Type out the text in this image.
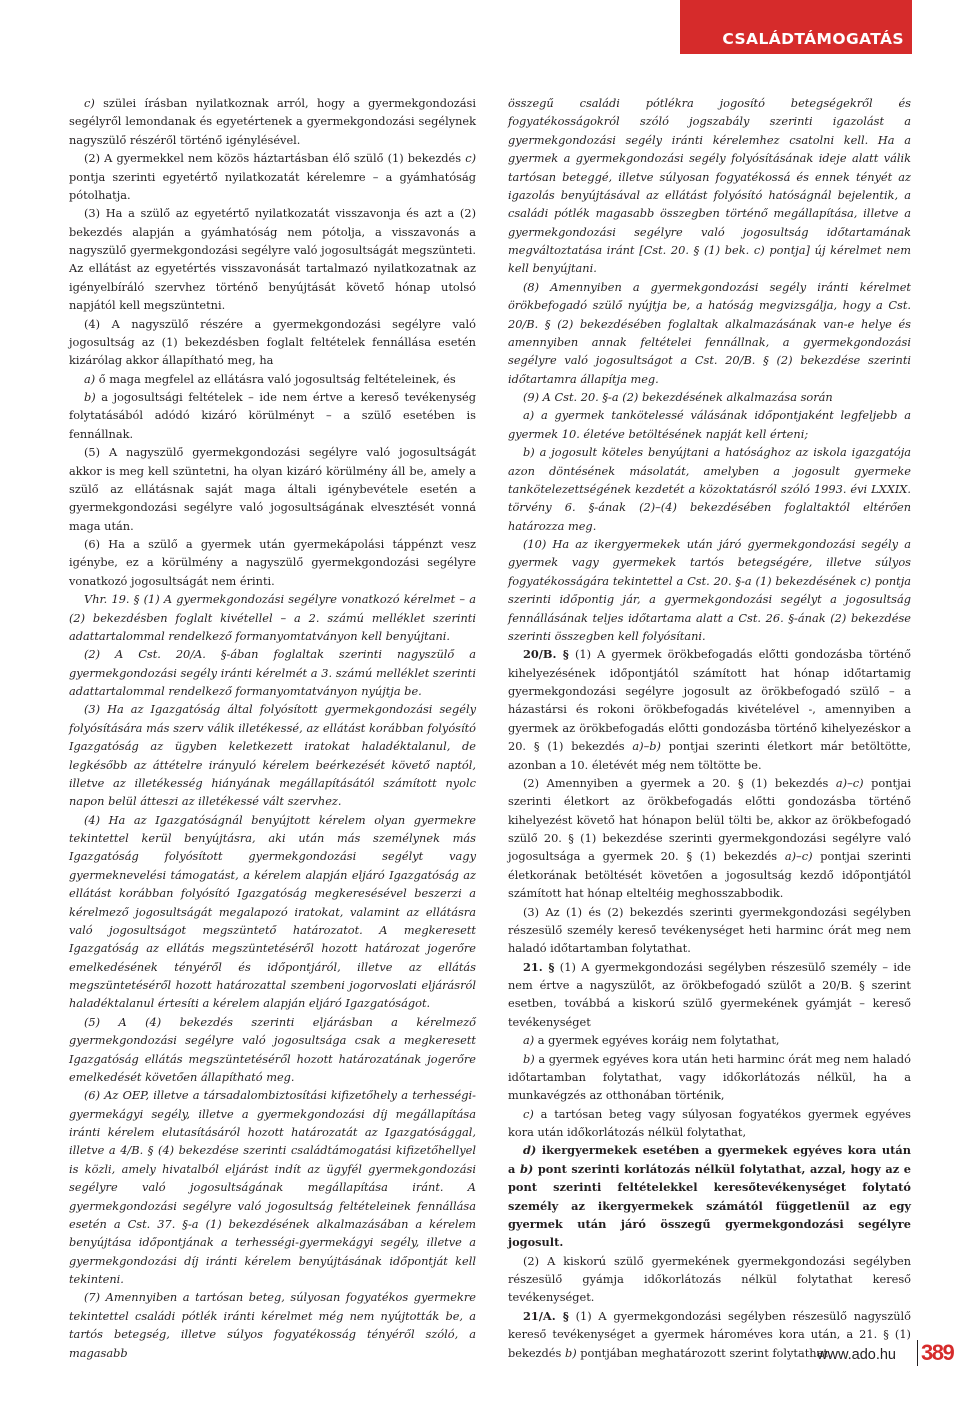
CSALÁDTÁMOGATÁS

c) szülei írásban nyilatkoznak arról, hogy a gyermekgondozási segélyről lemondanak és egyetértenek a gyermekgondozási segélynek nagyszülő részéről történő igénylésével.

(2) A gyermekkel nem közös háztartásban élő szülő (1) bekezdés c) pontja szerinti egyetértő nyilatkozatát kérelemre – a gyámhatóság pótolhatja.

(3) Ha a szülő az egyetértő nyilatkozatát visszavonja és azt a (2) bekezdés alapján a gyámhatóság nem pótolja, a visszavonás a nagyszülő gyermekgondozási segélyre való jogosultságát megszünteti. Az ellátást az egyetértés visszavonását tartalmazó nyilatkozatnak az igényelbíráló szervhez történő benyújtását követő hónap utolsó napjától kell megszüntetni.

(4) A nagyszülő részére a gyermekgondozási segélyre való jogosultság az (1) bekezdésben foglalt feltételek fennállása esetén kizárólag akkor állapítható meg, ha

a) ő maga megfelel az ellátásra való jogosultság feltételeinek, és

b) a jogosultsági feltételek – ide nem értve a kereső tevékenység folytatásából adódó kizáró körülményt – a szülő esetében is fennállnak.

(5) A nagyszülő gyermekgondozási segélyre való jogosultságát akkor is meg kell szüntetni, ha olyan kizáró körülmény áll be, amely a szülő az ellátásnak saját maga általi igénybevétele esetén a gyermekgondozási segélyre való jogosultságának elvesztését vonná maga után.

(6) Ha a szülő a gyermek után gyermekápolási táppénzt vesz igénybe, ez a körülmény a nagyszülő gyermekgondozási segélyre vonatkozó jogosultságát nem érinti.

Vhr. 19. § (1) A gyermekgondozási segélyre vonatkozó kérelmet – a (2) bekezdésben foglalt kivétellel – a 2. számú melléklet szerinti adattartalommal rendelkező formanyomtatványon kell benyújtani.

(2) A Cst. 20/A. §-ában foglaltak szerinti nagyszülő a gyermekgondozási segély iránti kérelmét a 3. számú melléklet szerinti adattartalommal rendelkező formanyomtatványon nyújtja be.

(3) Ha az Igazgatóság által folyósított gyermekgondozási segély folyósítására más szerv válik illetékessé, az ellátást korábban folyósító Igazgatóság az ügyben keletkezett iratokat haladéktalanul, de legkésőbb az áttételre irányuló kérelem beérkezését követő naptól, illetve az illetékesség hiányának megállapításától számított nyolc napon belül átteszi az illetékessé vált szervhez.

(4) Ha az Igazgatóságnál benyújtott kérelem olyan gyermekre tekintettel kerül benyújtásra, aki után más személynek más Igazgatóság folyósított gyermekgondozási segélyt vagy gyermeknevelési támogatást, a kérelem alapján eljáró Igazgatóság az ellátást korábban folyósító Igazgatóság megkeresésével beszerzi a kérelmező jogosultságát megalapozó iratokat, valamint az ellátásra való jogosultságot megszüntető határozatot. A megkeresett Igazgatóság az ellátás megszüntetéséről hozott határozat jogerőre emelkedésének tényéről és időpontjáról, illetve az ellátás megszüntetéséről hozott határozattal szembeni jogorvoslati eljárásról haladéktalanul értesíti a kérelem alapján eljáró Igazgatóságot.

(5) A (4) bekezdés szerinti eljárásban a kérelmező gyermekgondozási segélyre való jogosultsága csak a megkeresett Igazgatóság ellátás megszüntetéséről hozott határozatának jogerőre emelkedését követően állapítható meg.

(6) Az OEP, illetve a társadalombiztosítási kifizetőhely a terhességi-gyermekágyi segély, illetve a gyermekgondozási díj megállapítása iránti kérelem elutasításáról hozott határozatát az Igazgatósággal, illetve a 4/B. § (4) bekezdése szerinti családtámogatási kifizetőhellyel is közli, amely hivatalból eljárást indít az ügyfél gyermekgondozási segélyre való jogosultságának megállapítása iránt. A gyermekgondozási segélyre való jogosultság feltételeinek fennállása esetén a Cst. 37. §-a (1) bekezdésének alkalmazásában a kérelem benyújtása időpontjának a terhességi-gyermekágyi segély, illetve a gyermekgondozási díj iránti kérelem benyújtásának időpontját kell tekinteni.

(7) Amennyiben a tartósan beteg, súlyosan fogyatékos gyermekre tekintettel családi pótlék iránti kérelmet még nem nyújtották be, a tartós betegség, illetve súlyos fogyatékosság tényéről szóló, a magasabb

összegű családi pótlékra jogosító betegségekről és fogyatékosságokról szóló jogszabály szerinti igazolást a gyermekgondozási segély iránti kérelemhez csatolni kell. Ha a gyermek a gyermekgondozási segély folyósításának ideje alatt válik tartósan beteggé, illetve súlyosan fogyatékossá és ennek tényét az igazolás benyújtásával az ellátást folyósító hatóságnál bejelentik, a családi pótlék magasabb összegben történő megállapítása, illetve a gyermekgondozási segélyre való jogosultság időtartamának megváltoztatása iránt [Cst. 20. § (1) bek. c) pontja] új kérelmet nem kell benyújtani.

(8) Amennyiben a gyermekgondozási segély iránti kérelmet örökbefogadó szülő nyújtja be, a hatóság megvizsgálja, hogy a Cst. 20/B. § (2) bekezdésében foglaltak alkalmazásának van-e helye és amennyiben annak feltételei fennállnak, a gyermekgondozási segélyre való jogosultságot a Cst. 20/B. § (2) bekezdése szerinti időtartamra állapítja meg.

(9) A Cst. 20. §-a (2) bekezdésének alkalmazása során

a) a gyermek tankötelessé válásának időpontjaként legfeljebb a gyermek 10. életéve betöltésének napját kell érteni;

b) a jogosult köteles benyújtani a hatósághoz az iskola igazgatója azon döntésének másolatát, amelyben a jogosult gyermeke tankötelezettségének kezdetét a közoktatásról szóló 1993. évi LXXIX. törvény 6. §-ának (2)–(4) bekezdésében foglaltaktól eltérően határozza meg.

(10) Ha az ikergyermekek után járó gyermekgondozási segély a gyermek vagy gyermekek tartós betegségére, illetve súlyos fogyatékosságára tekintettel a Cst. 20. §-a (1) bekezdésének c) pontja szerinti időpontig jár, a gyermekgondozási segélyt a jogosultság fennállásának teljes időtartama alatt a Cst. 26. §-ának (2) bekezdése szerinti összegben kell folyósítani.

20/B. § (1) A gyermek örökbefogadás előtti gondozásba történő kihelyezésének időpontjától számított hat hónap időtartamig gyermekgondozási segélyre jogosult az örökbefogadó szülő – a házastársi és rokoni örökbefogadás kivételével -, amennyiben a gyermek az örökbefogadás előtti gondozásba történő kihelyezéskor a 20. § (1) bekezdés a)–b) pontjai szerinti életkort már betöltötte, azonban a 10. életévét még nem töltötte be.

(2) Amennyiben a gyermek a 20. § (1) bekezdés a)–c) pontjai szerinti életkort az örökbefogadás előtti gondozásba történő kihelyezést követő hat hónapon belül tölti be, akkor az örökbefogadó szülő 20. § (1) bekezdése szerinti gyermekgondozási segélyre való jogosultsága a gyermek 20. § (1) bekezdés a)–c) pontjai szerinti életkorának betöltését követően a jogosultság kezdő időpontjától számított hat hónap elteltéig meghosszabbodik.

(3) Az (1) és (2) bekezdés szerinti gyermekgondozási segélyben részesülő személy kereső tevékenységet heti harminc órát meg nem haladó időtartamban folytathat.

21. § (1) A gyermekgondozási segélyben részesülő személy – ide nem értve a nagyszülőt, az örökbefogadó szülőt a 20/B. § szerint esetben, továbbá a kiskorú szülő gyermekének gyámját – kereső tevékenységet

a) a gyermek egyéves koráig nem folytathat,

b) a gyermek egyéves kora után heti harminc órát meg nem haladó időtartamban folytathat, vagy időkorlátozás nélkül, ha a munkavégzés az otthonában történik,

c) a tartósan beteg vagy súlyosan fogyatékos gyermek egyéves kora után időkorlátozás nélkül folytathat,

d) ikergyermekek esetében a gyermekek egyéves kora után a b) pont szerinti korlátozás nélkül folytathat, azzal, hogy az e pont szerinti feltételekkel keresőtevékenységet folytató személy az ikergyermekek számától függetlenül az egy gyermek után járó összegű gyermekgondozási segélyre jogosult.

(2) A kiskorú szülő gyermekének gyermekgondozási segélyben részesülő gyámja időkorlátozás nélkül folytathat kereső tevékenységet.

21/A. § (1) A gyermekgondozási segélyben részesülő nagyszülő kereső tevékenységet a gyermek hároméves kora után, a 21. § (1) bekezdés b) pontjában meghatározott szerint folytathat.

www.ado.hu 389
